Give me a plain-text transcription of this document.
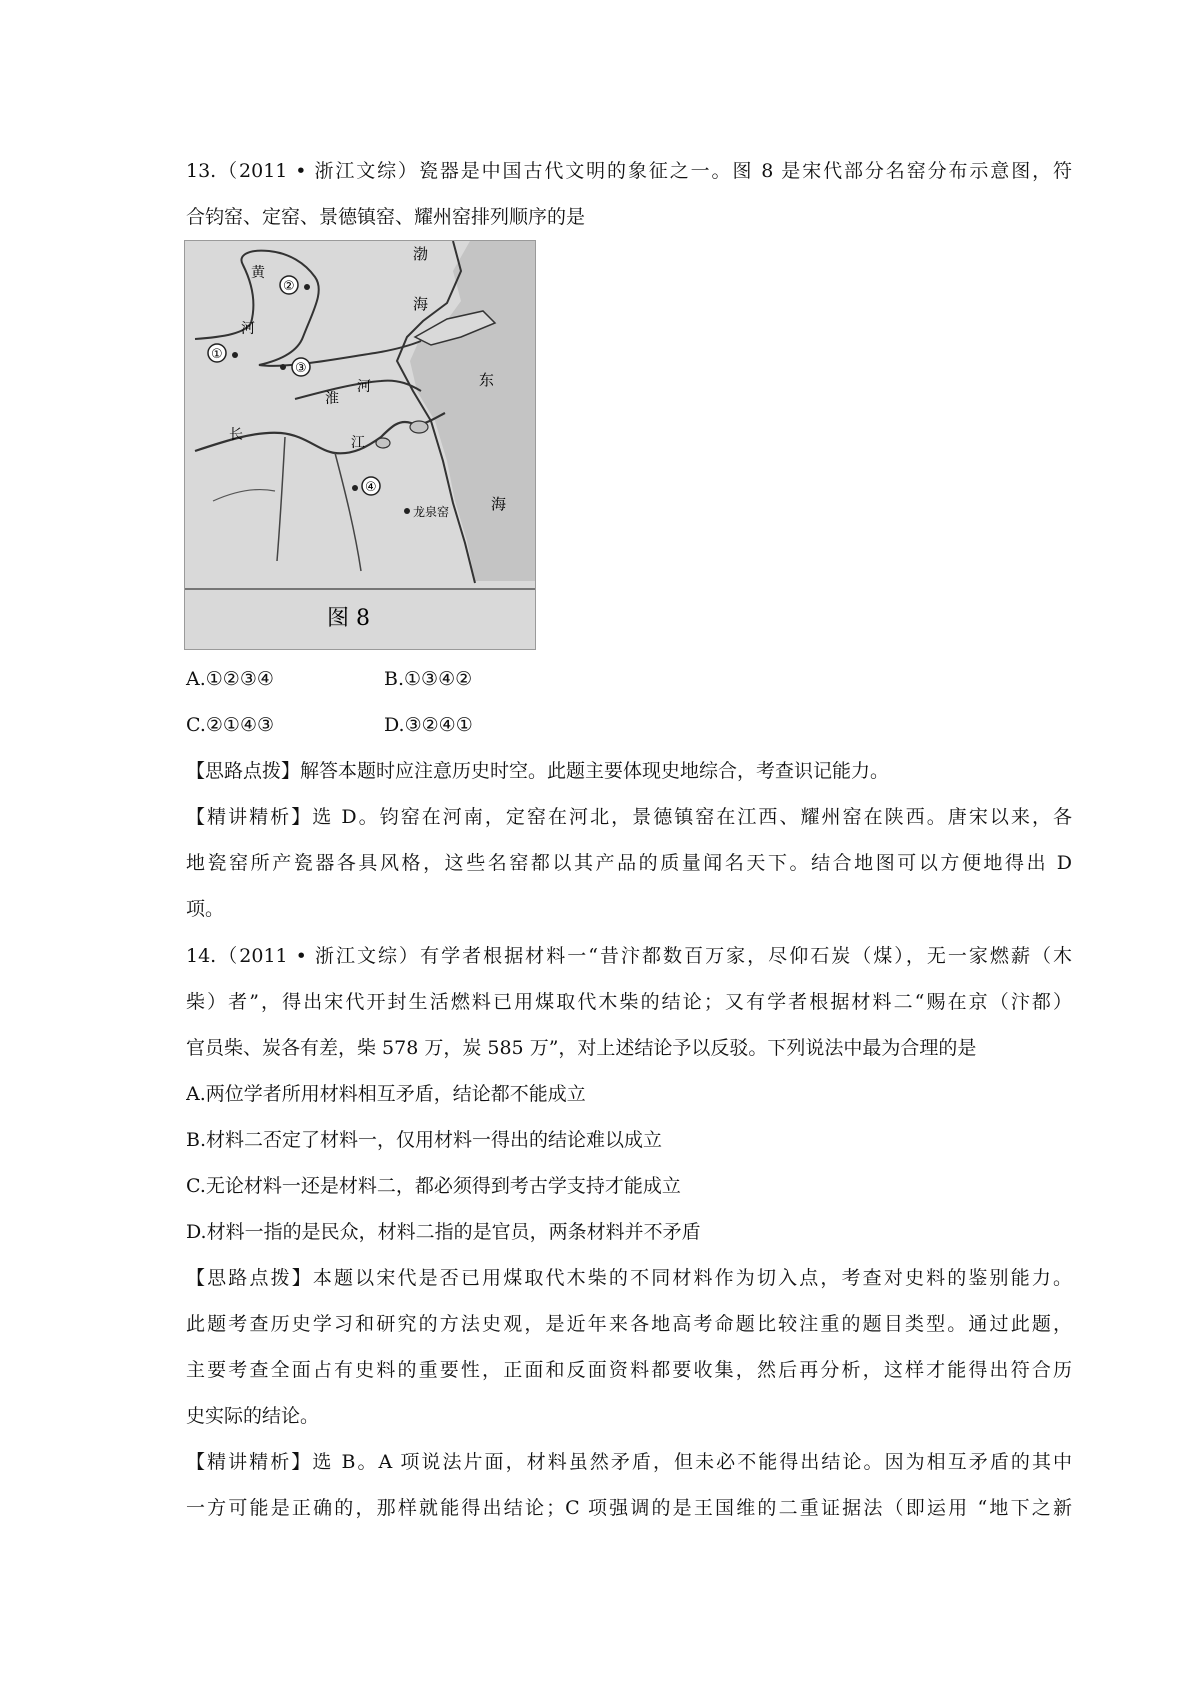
13.（2011 • 浙江文综）瓷器是中国古代文明的象征之一。图 8 是宋代部分名窑分布示意图，符
合钧窑、定窑、景德镇窑、耀州窑排列顺序的是
①
②
③
④
渤
海
黄
河
淮
河
长	江
东
海
龙泉窑
图 8
A.①②③④	B.①③④②
C.②①④③	D.③②④①
【思路点拨】解答本题时应注意历史时空。此题主要体现史地综合，考查识记能力。
【精讲精析】选 D。钧窑在河南，定窑在河北，景德镇窑在江西、耀州窑在陕西。唐宋以来，各
地瓷窑所产瓷器各具风格，这些名窑都以其产品的质量闻名天下。结合地图可以方便地得出 D
项。
14.（2011 • 浙江文综）有学者根据材料一“昔汴都数百万家，尽仰石炭（煤），无一家燃薪（木
柴）者”，得出宋代开封生活燃料已用煤取代木柴的结论；又有学者根据材料二“赐在京（汴都）
官员柴、炭各有差，柴 578 万，炭 585 万”，对上述结论予以反驳。下列说法中最为合理的是
A.两位学者所用材料相互矛盾，结论都不能成立
B.材料二否定了材料一，仅用材料一得出的结论难以成立
C.无论材料一还是材料二，都必须得到考古学支持才能成立
D.材料一指的是民众，材料二指的是官员，两条材料并不矛盾
【思路点拨】本题以宋代是否已用煤取代木柴的不同材料作为切入点，考查对史料的鉴别能力。
此题考查历史学习和研究的方法史观，是近年来各地高考命题比较注重的题目类型。通过此题，
主要考查全面占有史料的重要性，正面和反面资料都要收集，然后再分析，这样才能得出符合历
史实际的结论。
【精讲精析】选 B。A 项说法片面，材料虽然矛盾，但未必不能得出结论。因为相互矛盾的其中
一方可能是正确的，那样就能得出结论；C 项强调的是王国维的二重证据法（即运用 “地下之新
